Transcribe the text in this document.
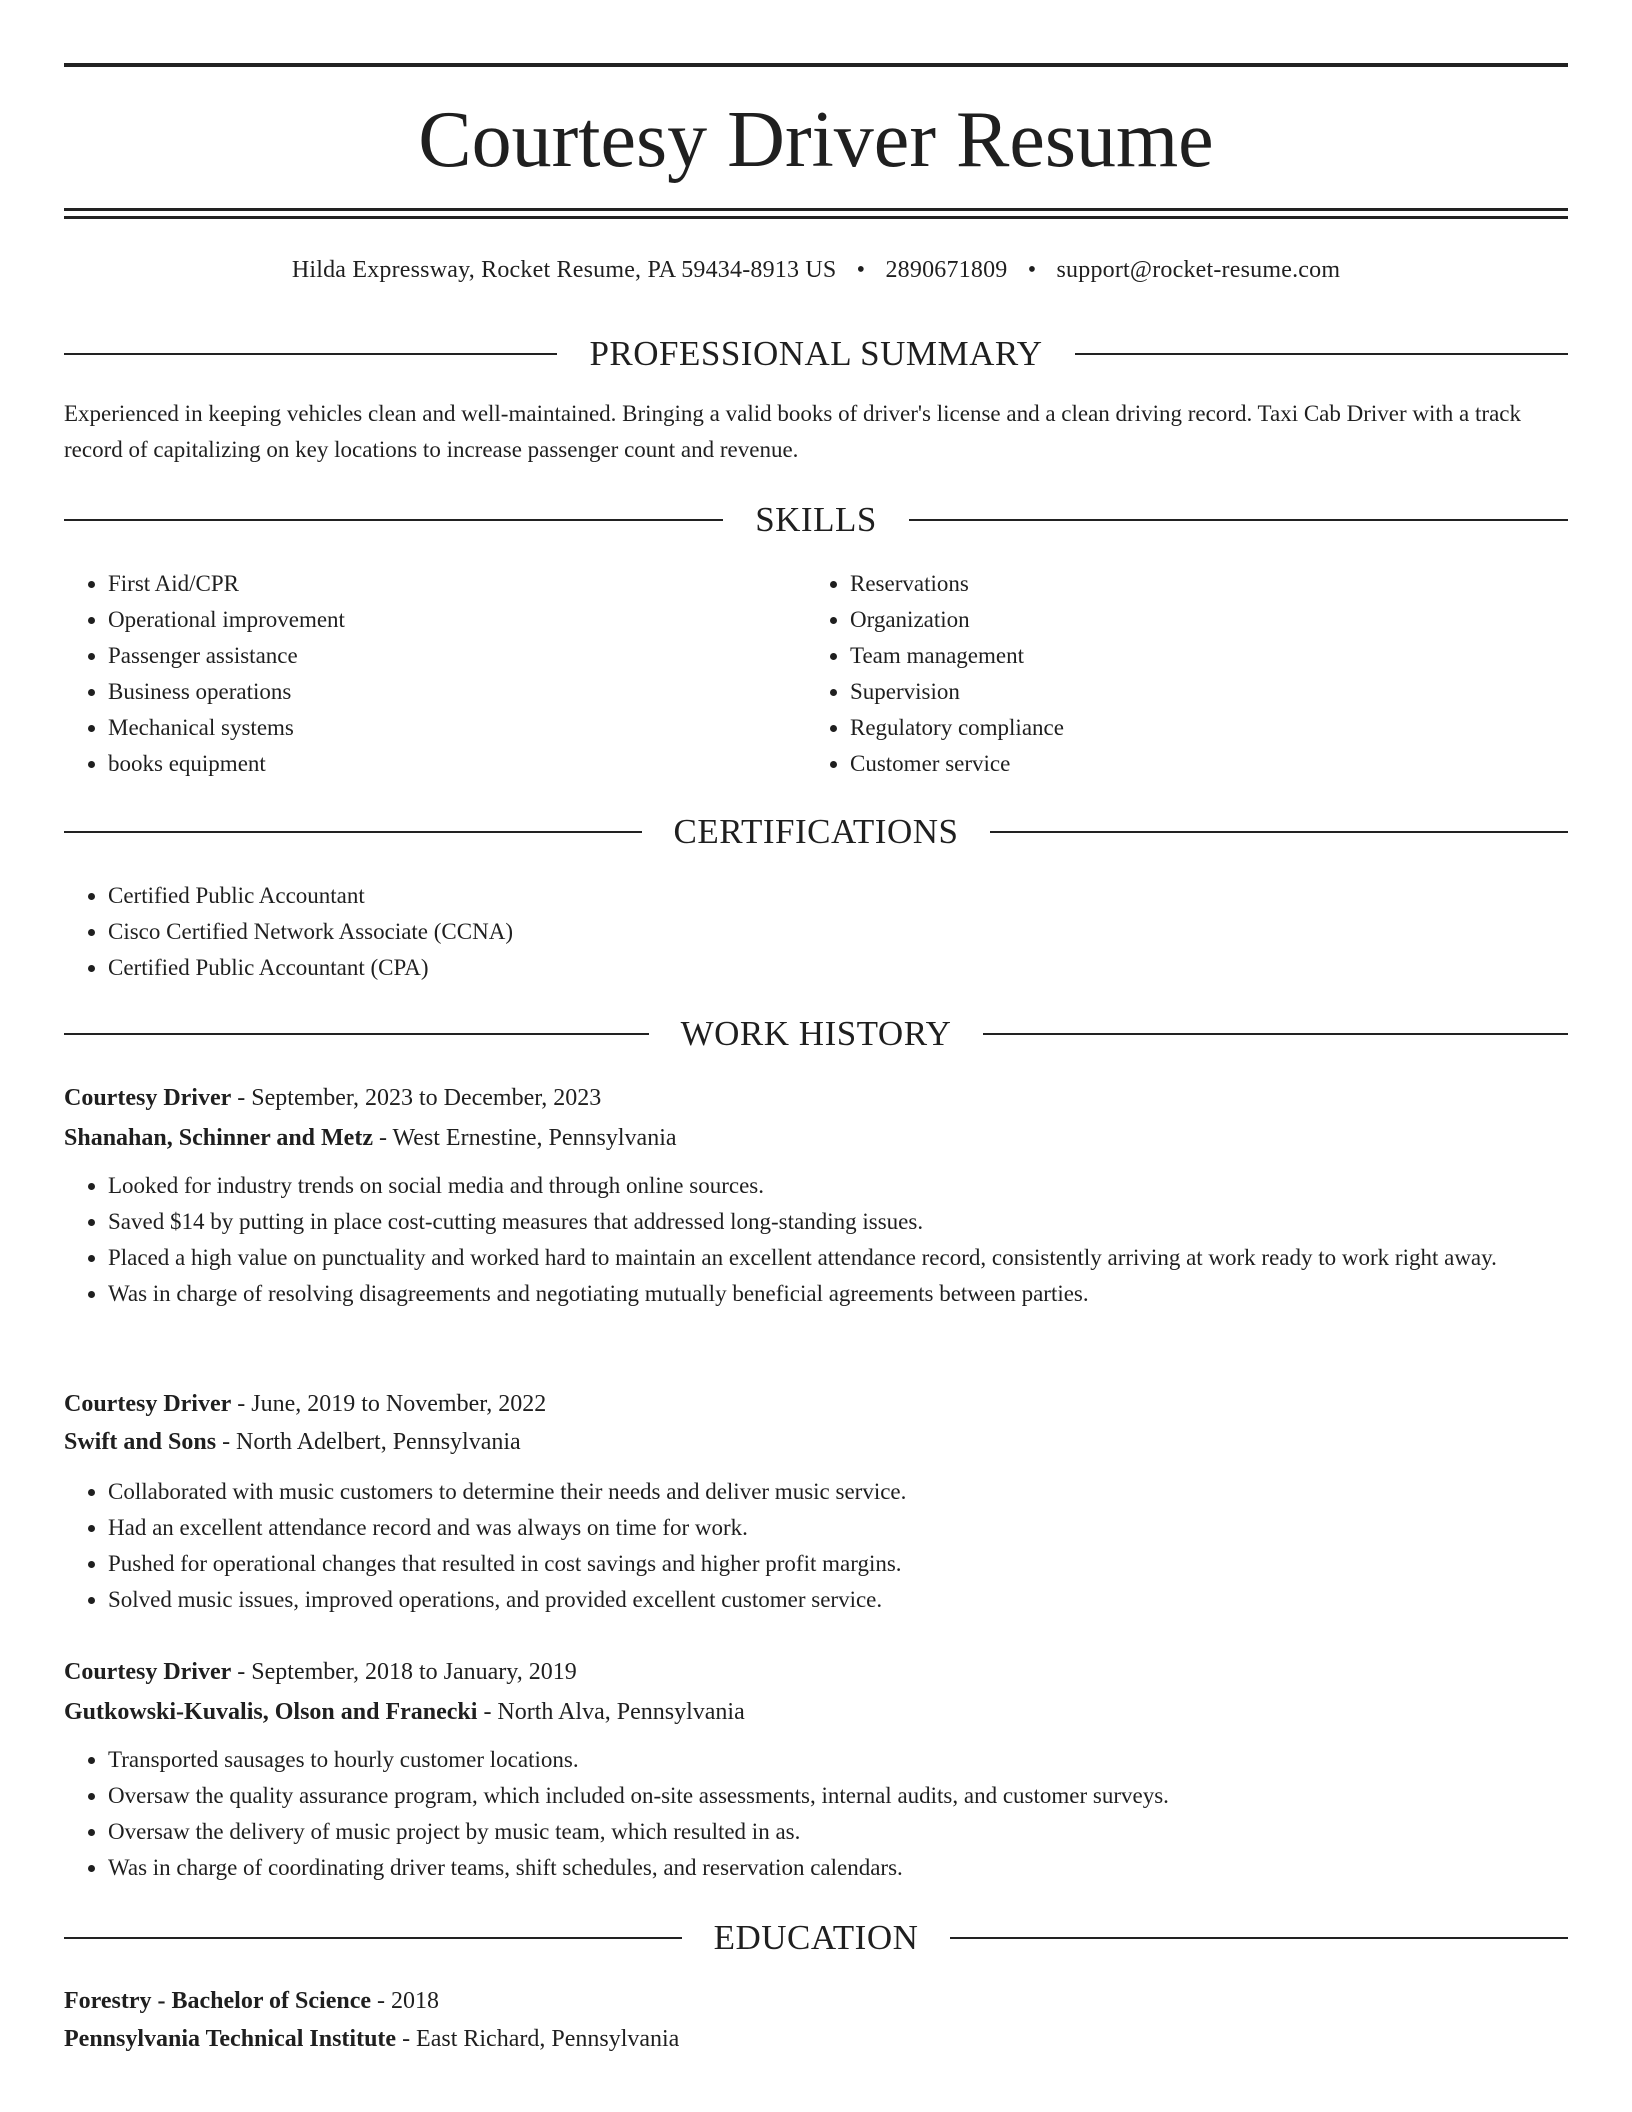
Courtesy Driver Resume
Hilda Expressway, Rocket Resume, PA 59434-8913 US • 2890671809 • support@rocket-resume.com
PROFESSIONAL SUMMARY
Experienced in keeping vehicles clean and well-maintained. Bringing a valid books of driver's license and a clean driving record. Taxi Cab Driver with a track record of capitalizing on key locations to increase passenger count and revenue.
SKILLS
• First Aid/CPR
• Operational improvement
• Passenger assistance
• Business operations
• Mechanical systems
• books equipment
• Reservations
• Organization
• Team management
• Supervision
• Regulatory compliance
• Customer service
CERTIFICATIONS
• Certified Public Accountant
• Cisco Certified Network Associate (CCNA)
• Certified Public Accountant (CPA)
WORK HISTORY
Courtesy Driver - September, 2023 to December, 2023
Shanahan, Schinner and Metz - West Ernestine, Pennsylvania
• Looked for industry trends on social media and through online sources.
• Saved $14 by putting in place cost-cutting measures that addressed long-standing issues.
• Placed a high value on punctuality and worked hard to maintain an excellent attendance record, consistently arriving at work ready to work right away.
• Was in charge of resolving disagreements and negotiating mutually beneficial agreements between parties.
Courtesy Driver - June, 2019 to November, 2022
Swift and Sons - North Adelbert, Pennsylvania
• Collaborated with music customers to determine their needs and deliver music service.
• Had an excellent attendance record and was always on time for work.
• Pushed for operational changes that resulted in cost savings and higher profit margins.
• Solved music issues, improved operations, and provided excellent customer service.
Courtesy Driver - September, 2018 to January, 2019
Gutkowski-Kuvalis, Olson and Franecki - North Alva, Pennsylvania
• Transported sausages to hourly customer locations.
• Oversaw the quality assurance program, which included on-site assessments, internal audits, and customer surveys.
• Oversaw the delivery of music project by music team, which resulted in as.
• Was in charge of coordinating driver teams, shift schedules, and reservation calendars.
EDUCATION
Forestry - Bachelor of Science - 2018
Pennsylvania Technical Institute - East Richard, Pennsylvania
